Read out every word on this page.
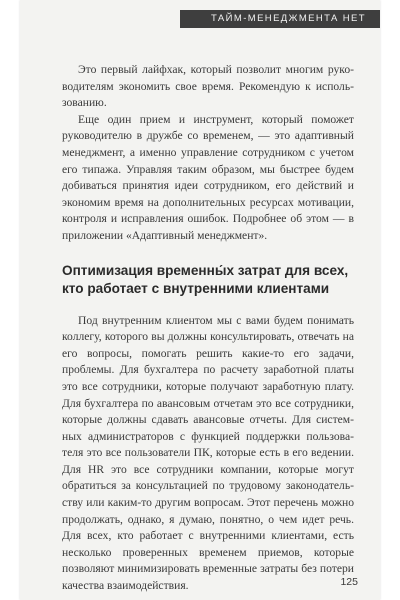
ТАЙМ-МЕНЕДЖМЕНТА НЕТ

Это первый лайфхак, который позволит многим руководителям экономить свое время. Рекомендую к использованию.

Еще один прием и инструмент, который поможет руководителю в дружбе со временем, — это адаптивный менеджмент, а именно управление сотрудником с учетом его типажа. Управляя таким образом, мы быстрее будем добиваться принятия идеи сотрудником, его действий и экономим время на дополнительных ресурсах мотивации, контроля и исправления ошибок. Подробнее об этом — в приложении «Адаптивный менеджмент».

Оптимизация временны́х затрат для всех,
кто работает с внутренними клиентами

Под внутренним клиентом мы с вами будем понимать коллегу, которого вы должны консультировать, отвечать на его вопросы, помогать решить какие-то его задачи, проблемы. Для бухгалтера по расчету заработной платы это все сотрудники, которые получают заработную плату. Для бухгалтера по авансовым отчетам это все сотрудники, которые должны сдавать авансовые отчеты. Для системных администраторов с функцией поддержки пользователя это все пользователи ПК, которые есть в его ведении. Для HR это все сотрудники компании, которые могут обратиться за консультацией по трудовому законодательству или каким-то другим вопросам. Этот перечень можно продолжать, однако, я думаю, понятно, о чем идет речь. Для всех, кто работает с внутренними клиентами, есть несколько проверенных временем приемов, которые позволяют минимизировать временные затраты без потери качества взаимодействия.	125
